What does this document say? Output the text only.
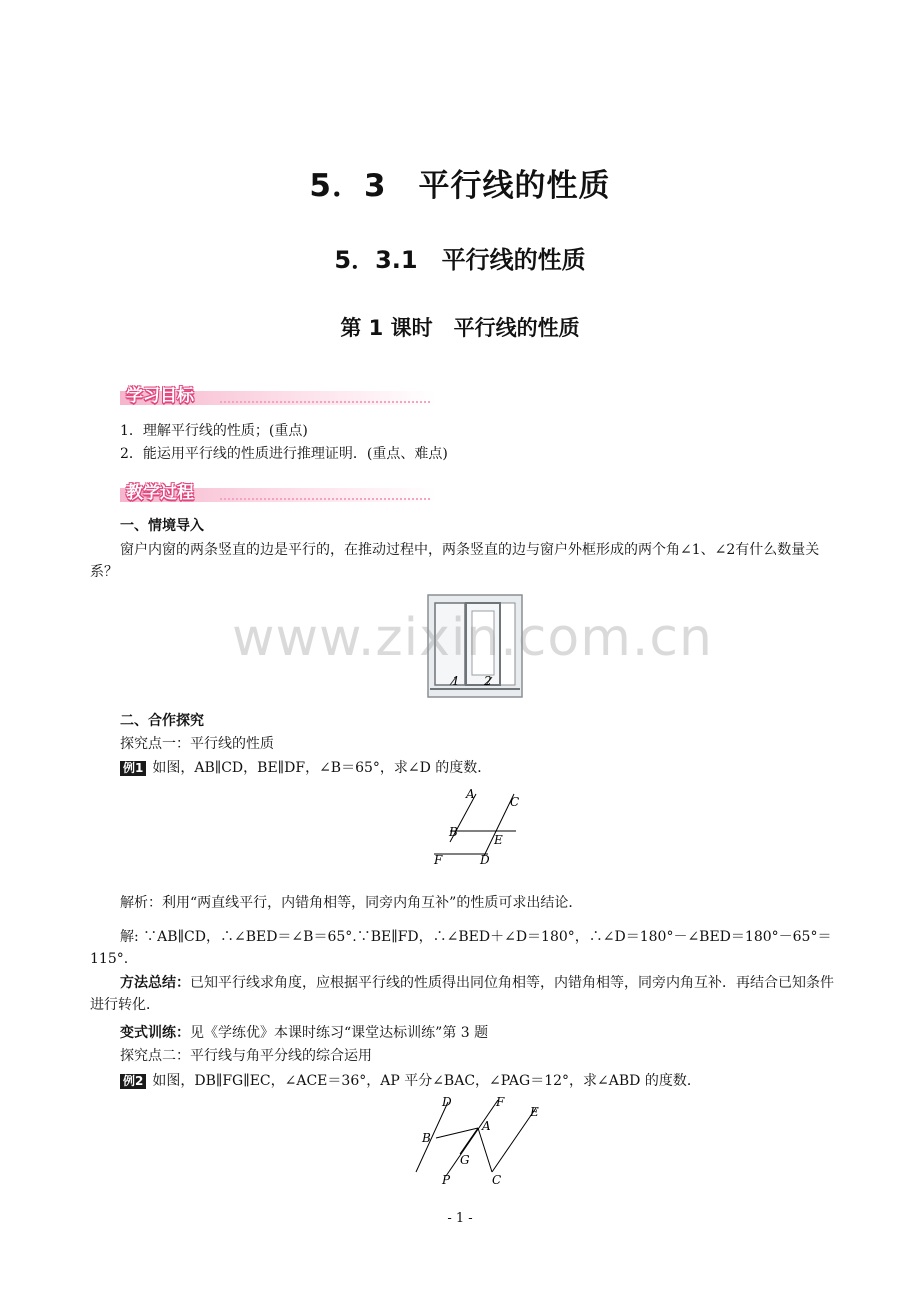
5．3　平行线的性质
5．3.1　平行线的性质
第 1 课时　平行线的性质
学习目标
1．理解平行线的性质；(重点)
2．能运用平行线的性质进行推理证明．(重点、难点)
教学过程
一、情境导入
窗户内窗的两条竖直的边是平行的，在推动过程中，两条竖直的边与窗户外框形成的两个角∠1、∠2有什么数量关系？
1 2
www.zixin.com.cn
二、合作探究
探究点一：平行线的性质
例1 如图，AB∥CD，BE∥DF，∠B＝65°，求∠D 的度数．
A
C
B
E
F	D
解析：利用“两直线平行，内错角相等，同旁内角互补”的性质可求出结论．
解: ∵AB∥CD，∴∠BED＝∠B＝65°.∵BE∥FD，∴∠BED＋∠D＝180°，∴∠D＝180°－∠BED＝180°－65°＝115°.
方法总结：已知平行线求角度，应根据平行线的性质得出同位角相等，内错角相等，同旁内角互补．再结合已知条件进行转化．
变式训练：见《学练优》本课时练习“课堂达标训练”第 3 题
探究点二：平行线与角平分线的综合运用
例2 如图，DB∥FG∥EC，∠ACE＝36°，AP 平分∠BAC，∠PAG＝12°，求∠ABD 的度数．
D	F
E
B
A
G
P	C
- 1 -
